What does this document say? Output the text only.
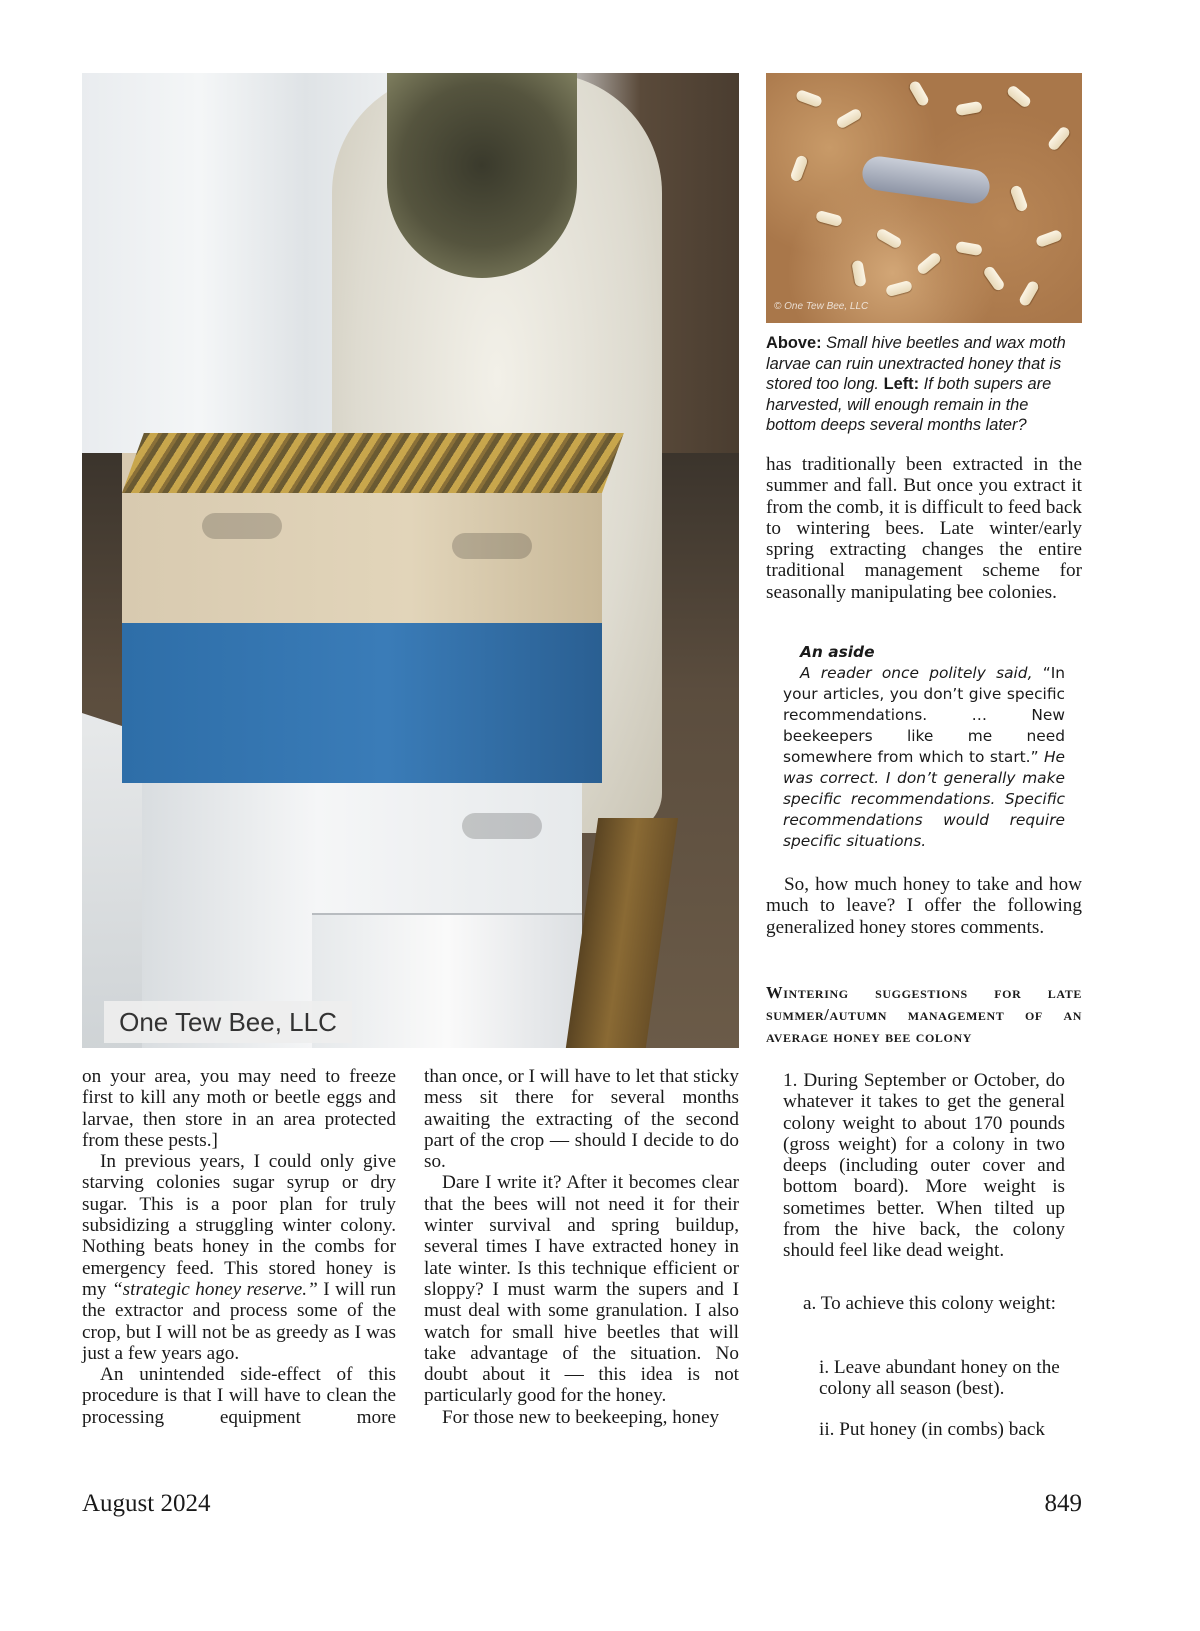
One Tew Bee, LLC
© One Tew Bee, LLC

Above: Small hive beetles and wax moth larvae can ruin unextracted honey that is stored too long. Left: If both supers are harvested, will enough remain in the bottom deeps several months later?

on your area, you may need to freeze first to kill any moth or beetle eggs and larvae, then store in an area protected from these pests.]

In previous years, I could only give starving colonies sugar syrup or dry sugar. This is a poor plan for truly subsidizing a struggling winter colony. Nothing beats honey in the combs for emergency feed. This stored honey is my “strategic honey reserve.” I will run the extractor and process some of the crop, but I will not be as greedy as I was just a few years ago.

An unintended side-effect of this procedure is that I will have to clean the processing equipment more

than once, or I will have to let that sticky mess sit there for several months awaiting the extracting of the second part of the crop — should I decide to do so.

Dare I write it? After it becomes clear that the bees will not need it for their winter survival and spring buildup, several times I have extracted honey in late winter. Is this technique efficient or sloppy? I must warm the supers and I must deal with some granulation. I also watch for small hive beetles that will take advantage of the situation. No doubt about it — this idea is not particularly good for the honey.

For those new to beekeeping, honey

has traditionally been extracted in the summer and fall. But once you extract it from the comb, it is difficult to feed back to wintering bees. Late winter/early spring extracting changes the entire traditional management scheme for seasonally manipulating bee colonies.

An aside

A reader once politely said, “In your articles, you don’t give specific recommendations. … New beekeepers like me need somewhere from which to start.” He was correct. I don’t generally make specific recommendations. Specific recommendations would require specific situations.

So, how much honey to take and how much to leave? I offer the following generalized honey stores comments.

Wintering suggestions for late summer/autumn management of an average honey bee colony

1. During September or October, do whatever it takes to get the general colony weight to about 170 pounds (gross weight) for a colony in two deeps (including outer cover and bottom board). More weight is sometimes better. When tilted up from the hive back, the colony should feel like dead weight.

a. To achieve this colony weight:

i. Leave abundant honey on the colony all season (best).

ii. Put honey (in combs) back

August 2024	849
